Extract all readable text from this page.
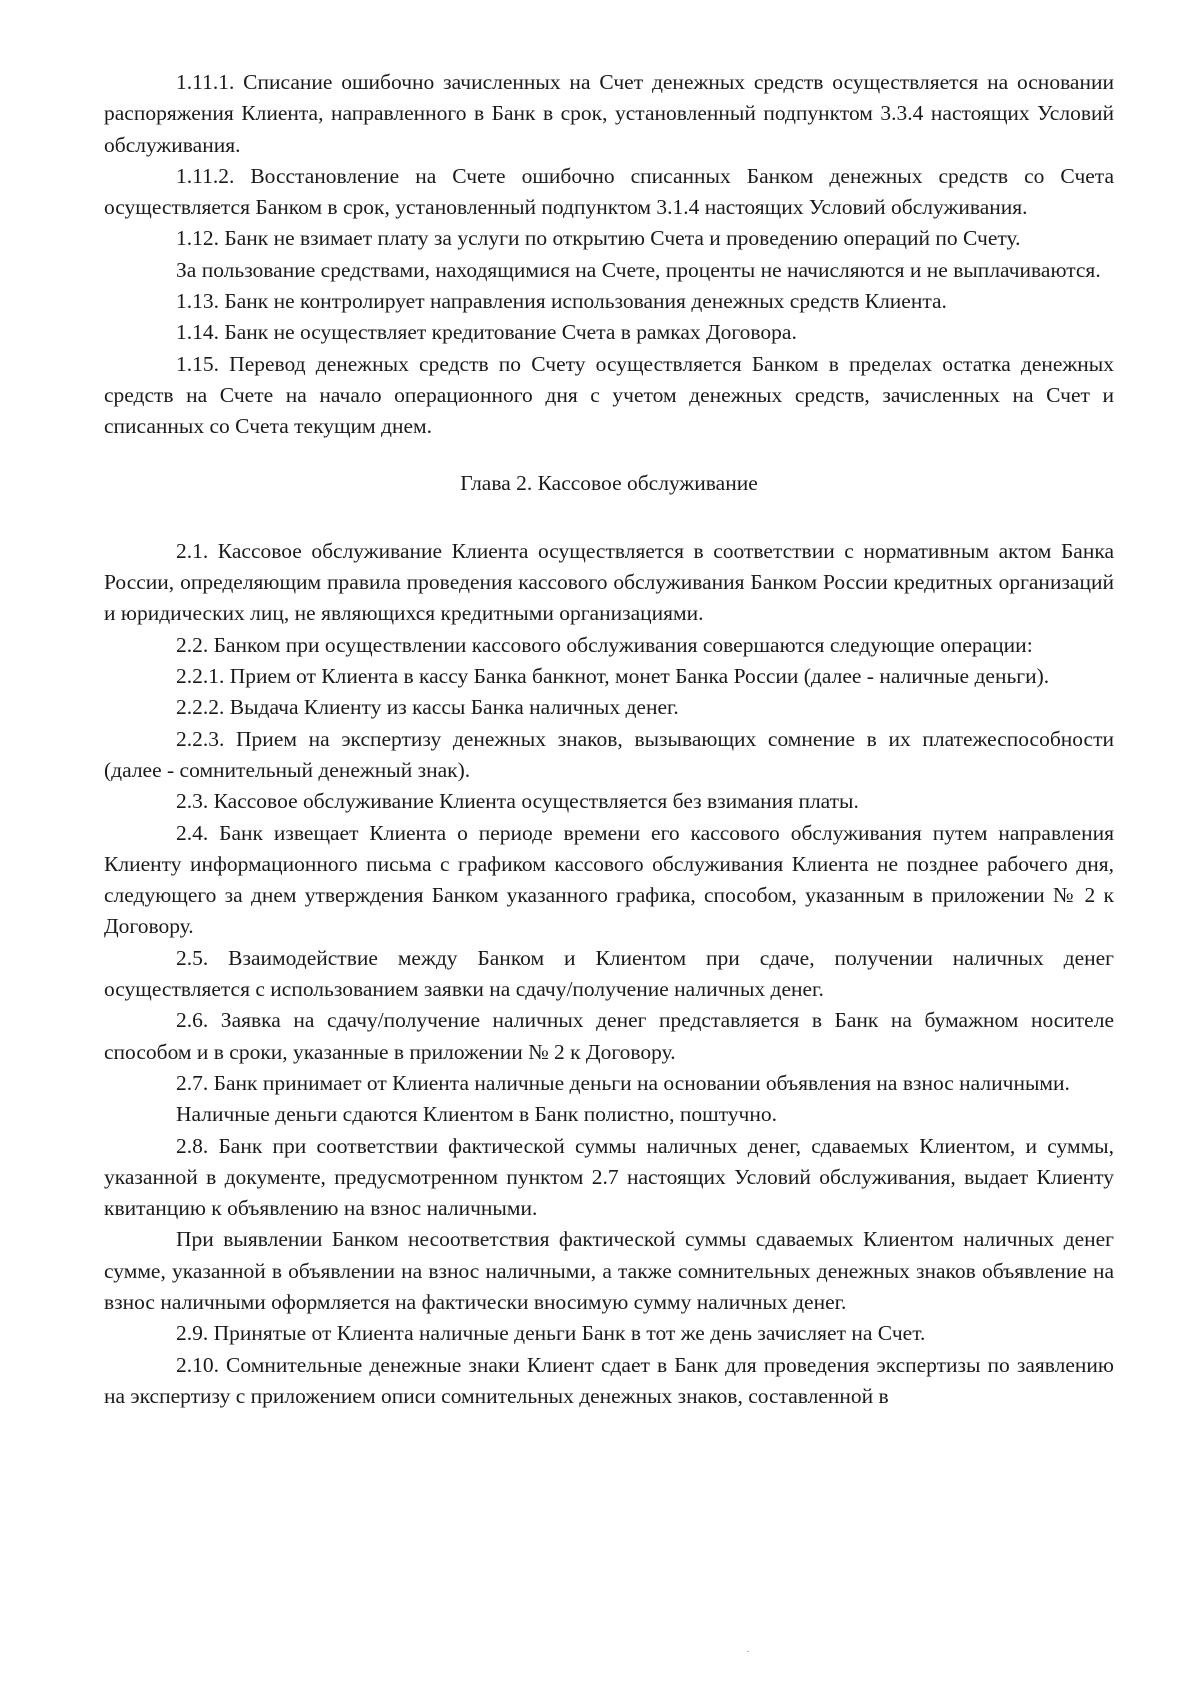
1.11.1. Списание ошибочно зачисленных на Счет денежных средств осуществляется на основании распоряжения Клиента, направленного в Банк в срок, установленный подпунктом 3.3.4 настоящих Условий обслуживания.

1.11.2. Восстановление на Счете ошибочно списанных Банком денежных средств со Счета осуществляется Банком в срок, установленный подпунктом 3.1.4 настоящих Условий обслуживания.

1.12. Банк не взимает плату за услуги по открытию Счета и проведению операций по Счету.

За пользование средствами, находящимися на Счете, проценты не начисляются и не выплачиваются.

1.13. Банк не контролирует направления использования денежных средств Клиента.

1.14. Банк не осуществляет кредитование Счета в рамках Договора.

1.15. Перевод денежных средств по Счету осуществляется Банком в пределах остатка денежных средств на Счете на начало операционного дня с учетом денежных средств, зачисленных на Счет и списанных со Счета текущим днем.

Глава 2. Кассовое обслуживание

2.1. Кассовое обслуживание Клиента осуществляется в соответствии с нормативным актом Банка России, определяющим правила проведения кассового обслуживания Банком России кредитных организаций и юридических лиц, не являющихся кредитными организациями.

2.2. Банком при осуществлении кассового обслуживания совершаются следующие операции:

2.2.1. Прием от Клиента в кассу Банка банкнот, монет Банка России (далее - наличные деньги).

2.2.2. Выдача Клиенту из кассы Банка наличных денег.

2.2.3. Прием на экспертизу денежных знаков, вызывающих сомнение в их платежеспособности (далее - сомнительный денежный знак).

2.3. Кассовое обслуживание Клиента осуществляется без взимания платы.

2.4. Банк извещает Клиента о периоде времени его кассового обслуживания путем направления Клиенту информационного письма с графиком кассового обслуживания Клиента не позднее рабочего дня, следующего за днем утверждения Банком указанного графика, способом, указанным в приложении № 2 к Договору.

2.5. Взаимодействие между Банком и Клиентом при сдаче, получении наличных денег осуществляется с использованием заявки на сдачу/получение наличных денег.

2.6. Заявка на сдачу/получение наличных денег представляется в Банк на бумажном носителе способом и в сроки, указанные в приложении № 2 к Договору.

2.7. Банк принимает от Клиента наличные деньги на основании объявления на взнос наличными.

Наличные деньги сдаются Клиентом в Банк полистно, поштучно.

2.8. Банк при соответствии фактической суммы наличных денег, сдаваемых Клиентом, и суммы, указанной в документе, предусмотренном пунктом 2.7 настоящих Условий обслуживания, выдает Клиенту квитанцию к объявлению на взнос наличными.

При выявлении Банком несоответствия фактической суммы сдаваемых Клиентом наличных денег сумме, указанной в объявлении на взнос наличными, а также сомнительных денежных знаков объявление на взнос наличными оформляется на фактически вносимую сумму наличных денег.

2.9. Принятые от Клиента наличные деньги Банк в тот же день зачисляет на Счет.

2.10. Сомнительные денежные знаки Клиент сдает в Банк для проведения экспертизы по заявлению на экспертизу с приложением описи сомнительных денежных знаков, составленной в
